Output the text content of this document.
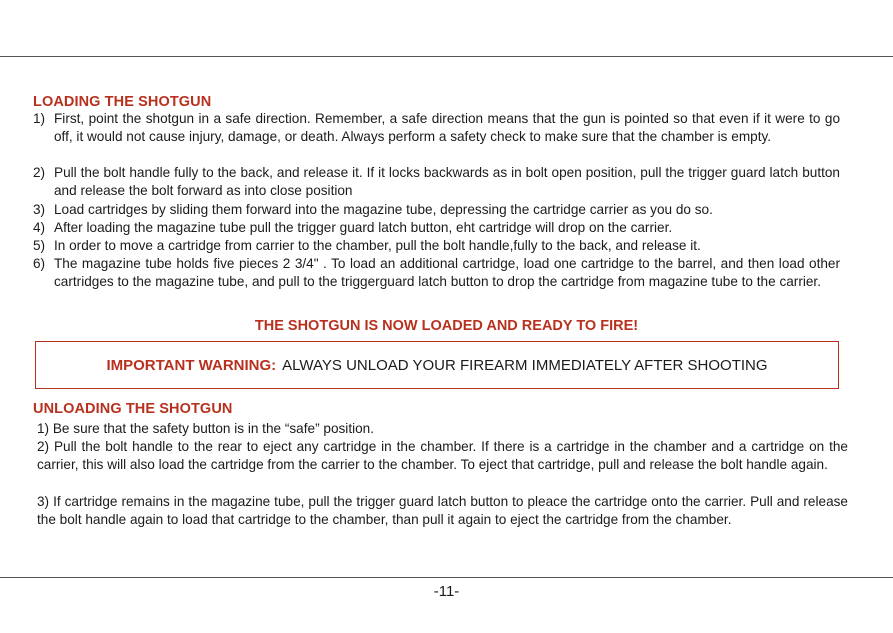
LOADING THE SHOTGUN
1) First, point the shotgun in a safe direction. Remember, a safe direction means that the gun is pointed so that even if it were to go off, it would not cause injury, damage, or death. Always perform a safety check to make sure that the chamber is empty.
2) Pull the bolt handle fully to the back, and release it. If it locks backwards as in bolt open position, pull the trigger guard latch button and release the bolt forward as into close position
3) Load cartridges by sliding them forward into the magazine tube, depressing the cartridge carrier as you do so.
4) After loading the magazine tube pull the trigger guard latch button, eht cartridge will drop on the carrier.
5) In order to move a cartridge from carrier to the chamber, pull the bolt handle,fully to the back, and release it.
6) The magazine tube holds five pieces 2 3/4" . To load an additional cartridge, load one cartridge to the barrel, and then load other cartridges to the magazine tube, and pull to the triggerguard latch button to drop the cartridge from magazine tube to the carrier.
THE SHOTGUN IS NOW LOADED AND READY TO FIRE!
IMPORTANT WARNING: ALWAYS UNLOAD YOUR FIREARM IMMEDIATELY AFTER SHOOTING
UNLOADING THE SHOTGUN
1) Be sure that the safety button is in the “safe” position.
2) Pull the bolt handle to the rear to eject any cartridge in the chamber. If there is a cartridge in the chamber and a cartridge on the carrier, this will also load the cartridge from the carrier to the chamber. To eject that cartridge, pull and release the bolt handle again.
3) If cartridge remains in the magazine tube, pull the trigger guard latch button to pleace the cartridge onto the carrier. Pull and release the bolt handle again to load that cartridge to the chamber, than pull it again to eject the cartridge from the chamber.
-11-
